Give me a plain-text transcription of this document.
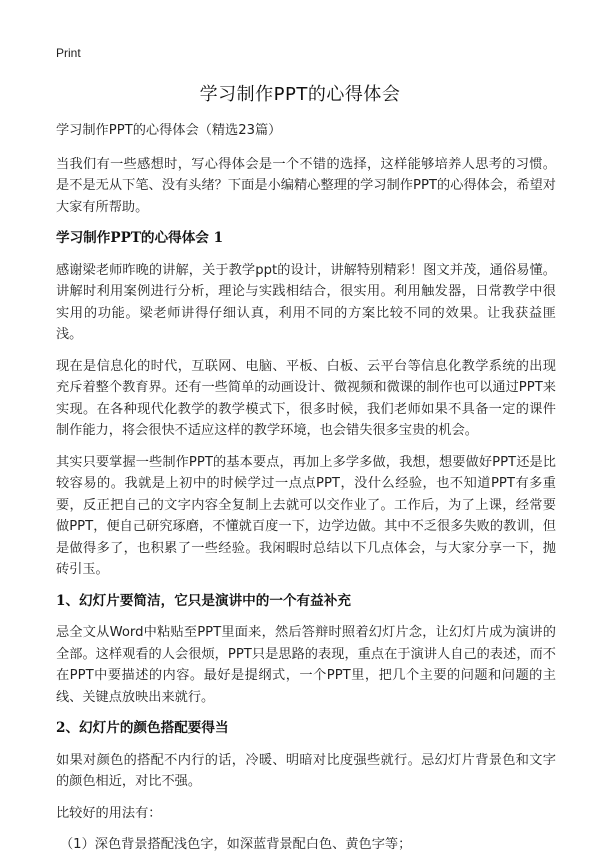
Print
学习制作PPT的心得体会

学习制作PPT的心得体会（精选23篇）

当我们有一些感想时，写心得体会是一个不错的选择，这样能够培养人思考的习惯。是不是无从下笔、没有头绪？下面是小编精心整理的学习制作PPT的心得体会，希望对大家有所帮助。

学习制作PPT的心得体会 1

感谢梁老师昨晚的讲解，关于教学ppt的设计，讲解特别精彩！图文并茂，通俗易懂。讲解时利用案例进行分析，理论与实践相结合，很实用。利用触发器，日常教学中很实用的功能。梁老师讲得仔细认真，利用不同的方案比较不同的效果。让我获益匪浅。

现在是信息化的时代，互联网、电脑、平板、白板、云平台等信息化教学系统的出现充斥着整个教育界。还有一些简单的动画设计、微视频和微课的制作也可以通过PPT来实现。在各种现代化教学的教学模式下，很多时候，我们老师如果不具备一定的课件制作能力，将会很快不适应这样的教学环境，也会错失很多宝贵的机会。

其实只要掌握一些制作PPT的基本要点，再加上多学多做，我想，想要做好PPT还是比较容易的。我就是上初中的时候学过一点点PPT，没什么经验，也不知道PPT有多重要，反正把自己的文字内容全复制上去就可以交作业了。工作后，为了上课，经常要做PPT，便自己研究琢磨，不懂就百度一下，边学边做。其中不乏很多失败的教训，但是做得多了，也积累了一些经验。我闲暇时总结以下几点体会，与大家分享一下，抛砖引玉。

1、幻灯片要简洁，它只是演讲中的一个有益补充

忌全文从Word中粘贴至PPT里面来，然后答辩时照着幻灯片念，让幻灯片成为演讲的全部。这样观看的人会很烦，PPT只是思路的表现，重点在于演讲人自己的表述，而不在PPT中要描述的内容。最好是提纲式，一个PPT里，把几个主要的问题和问题的主线、关键点放映出来就行。

2、幻灯片的颜色搭配要得当

如果对颜色的搭配不内行的话，冷暖、明暗对比度强些就行。忌幻灯片背景色和文字的颜色相近，对比不强。

比较好的用法有：

（1）深色背景搭配浅色字，如深蓝背景配白色、黄色字等；
